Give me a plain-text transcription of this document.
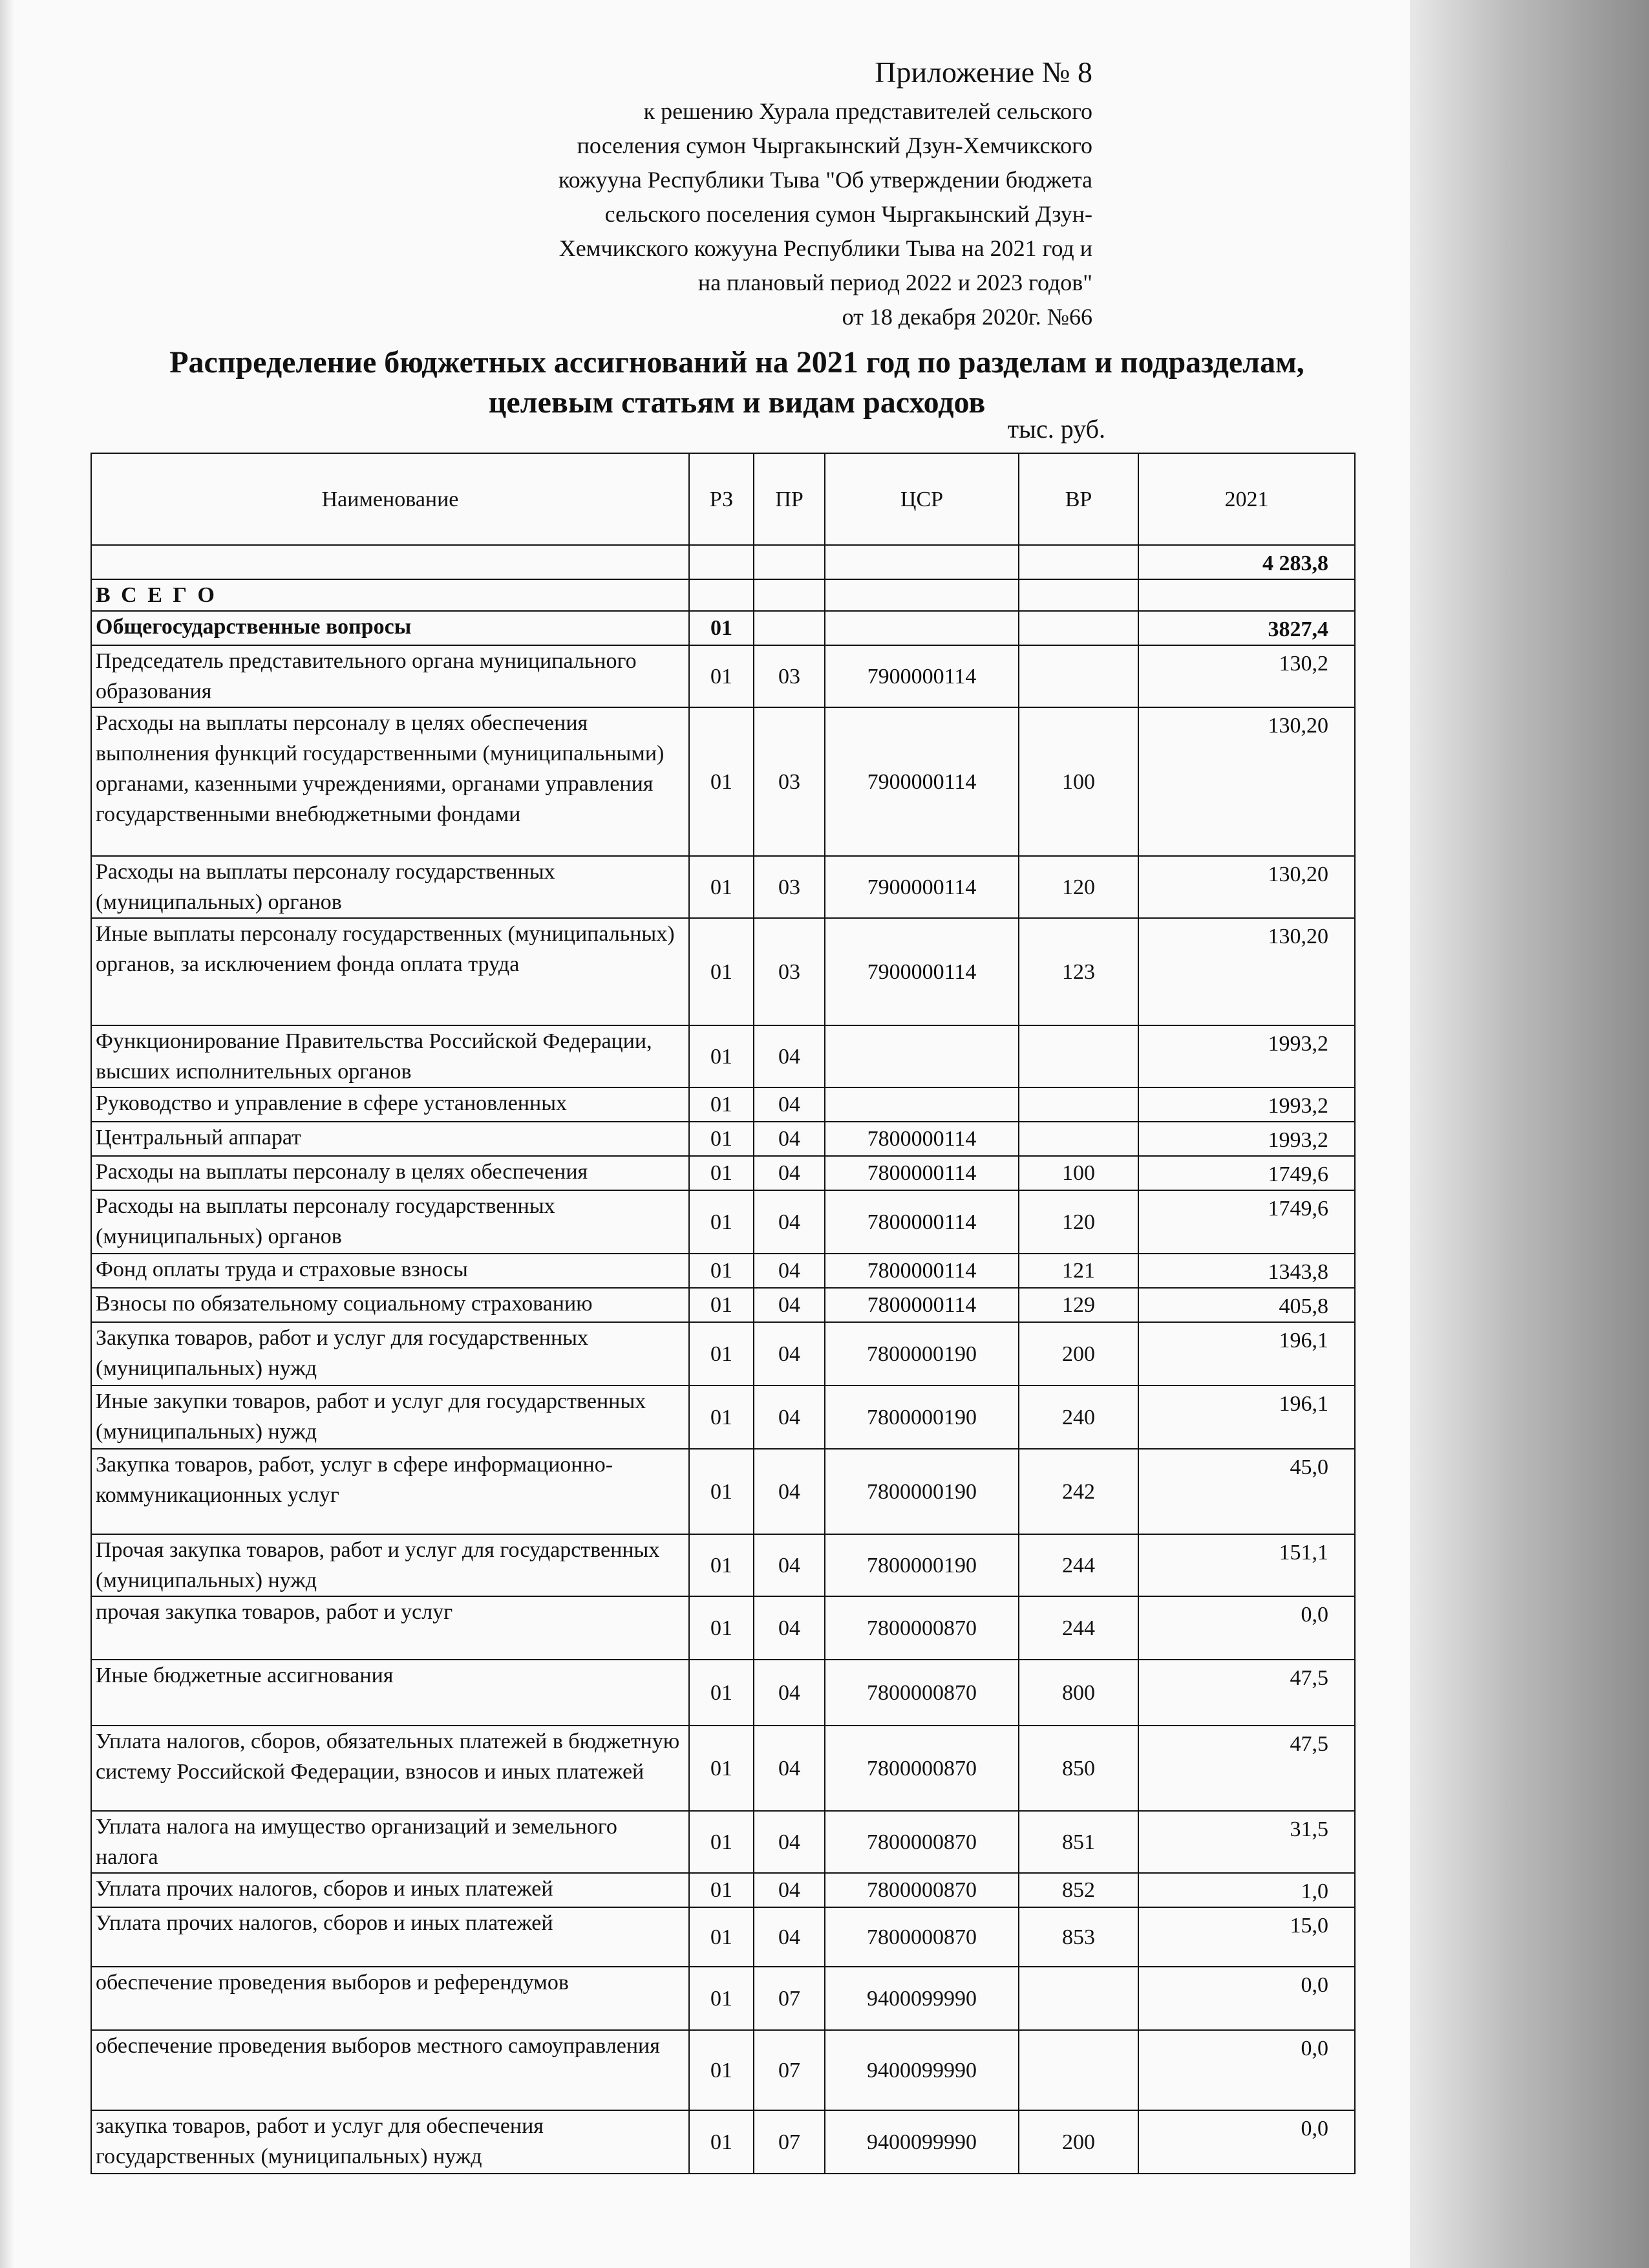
Приложение № 8
к решению Хурала представителей сельского
поселения сумон Чыргакынский Дзун-Хемчикского
кожууна Республики Тыва "Об утверждении бюджета
сельского поселения сумон Чыргакынский Дзун-
Хемчикского кожууна Республики Тыва на 2021 год и
на плановый период 2022 и 2023 годов"
от 18 декабря 2020г. №66
Распределение бюджетных ассигнований на 2021 год по разделам и подразделам,
целевым статьям и видам расходов
тыс. руб.
Наименование	РЗ	ПР	ЦСР	ВР	2021
					4 283,8
В С Е Г О					
Общегосударственные вопросы	01				3827,4
Председатель представительного органа муниципального образования	01	03	7900000114		130,2
Расходы на выплаты персоналу в целях обеспечения выполнения функций государственными (муниципальными) органами, казенными учреждениями, органами управления государственными внебюджетными фондами	01	03	7900000114	100	130,20
Расходы на выплаты персоналу государственных (муниципальных) органов	01	03	7900000114	120	130,20
Иные выплаты персоналу государственных (муниципальных) органов, за исключением фонда оплата труда	01	03	7900000114	123	130,20
Функционирование Правительства Российской Федерации, высших исполнительных органов	01	04			1993,2
Руководство и управление в сфере установленных	01	04			1993,2
Центральный аппарат	01	04	7800000114		1993,2
Расходы на выплаты персоналу в целях обеспечения	01	04	7800000114	100	1749,6
Расходы на выплаты персоналу государственных (муниципальных) органов	01	04	7800000114	120	1749,6
Фонд оплаты труда и страховые взносы	01	04	7800000114	121	1343,8
Взносы по обязательному социальному страхованию	01	04	7800000114	129	405,8
Закупка товаров, работ и услуг для государственных (муниципальных) нужд	01	04	7800000190	200	196,1
Иные закупки товаров, работ и услуг для государственных (муниципальных) нужд	01	04	7800000190	240	196,1
Закупка товаров, работ, услуг в сфере информационно-коммуникационных услуг	01	04	7800000190	242	45,0
Прочая закупка товаров, работ и услуг для государственных (муниципальных) нужд	01	04	7800000190	244	151,1
прочая закупка товаров, работ и услуг	01	04	7800000870	244	0,0
Иные бюджетные ассигнования	01	04	7800000870	800	47,5
Уплата налогов, сборов, обязательных платежей в бюджетную систему Российской Федерации, взносов и иных платежей	01	04	7800000870	850	47,5
Уплата налога на имущество организаций и земельного налога	01	04	7800000870	851	31,5
Уплата прочих налогов, сборов и иных платежей	01	04	7800000870	852	1,0
Уплата прочих налогов, сборов и иных платежей	01	04	7800000870	853	15,0
обеспечение проведения выборов и референдумов	01	07	9400099990		0,0
обеспечение проведения выборов местного самоуправления	01	07	9400099990		0,0
закупка товаров, работ и услуг для обеспечения государственных (муниципальных) нужд	01	07	9400099990	200	0,0
